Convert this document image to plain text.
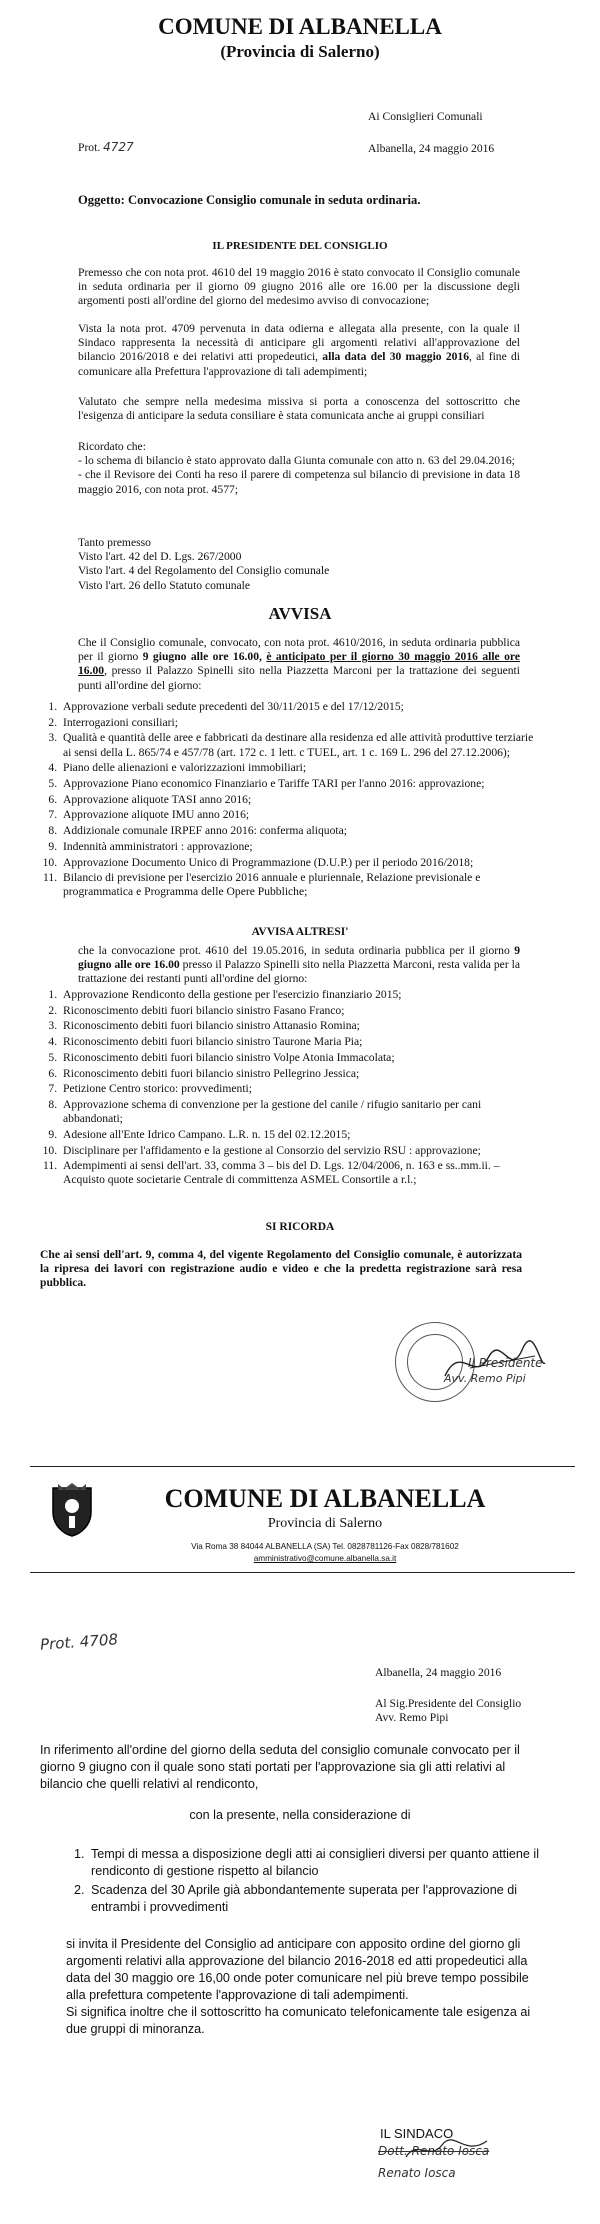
COMUNE DI ALBANELLA
(Provincia di Salerno)
Ai Consiglieri Comunali
Prot. 4727	Albanella, 24 maggio 2016
Oggetto: Convocazione Consiglio comunale in seduta ordinaria.
IL PRESIDENTE DEL CONSIGLIO
Premesso che con nota prot. 4610 del 19 maggio 2016 è stato convocato il Consiglio comunale in seduta ordinaria per il giorno 09 giugno 2016 alle ore 16.00 per la discussione degli argomenti posti all'ordine del giorno del medesimo avviso di convocazione;
Vista la nota prot. 4709 pervenuta in data odierna e allegata alla presente, con la quale il Sindaco rappresenta la necessità di anticipare gli argomenti relativi all'approvazione del bilancio 2016/2018 e dei relativi atti propedeutici, alla data del 30 maggio 2016, al fine di comunicare alla Prefettura l'approvazione di tali adempimenti;
Valutato che sempre nella medesima missiva si porta a conoscenza del sottoscritto che l'esigenza di anticipare la seduta consiliare è stata comunicata anche ai gruppi consiliari
Ricordato che:
- lo schema di bilancio è stato approvato dalla Giunta comunale con atto n. 63 del 29.04.2016;
- che il Revisore dei Conti ha reso il parere di competenza sul bilancio di previsione in data 18 maggio 2016, con nota prot. 4577;
Tanto premesso
Visto l'art. 42 del D. Lgs. 267/2000
Visto l'art. 4 del Regolamento del Consiglio comunale
Visto l'art. 26 dello Statuto comunale
AVVISA
Che il Consiglio comunale, convocato, con nota prot. 4610/2016, in seduta ordinaria pubblica per il giorno 9 giugno alle ore 16.00, è anticipato per il giorno 30 maggio 2016 alle ore 16.00, presso il Palazzo Spinelli sito nella Piazzetta Marconi per la trattazione dei seguenti punti all'ordine del giorno:
1. Approvazione verbali sedute precedenti del 30/11/2015 e del 17/12/2015;
2. Interrogazioni consiliari;
3. Qualità e quantità delle aree e fabbricati da destinare alla residenza ed alle attività produttive terziarie ai sensi della L. 865/74 e 457/78 (art. 172 c. 1 lett. c TUEL, art. 1 c. 169 L. 296 del 27.12.2006);
4. Piano delle alienazioni e valorizzazioni immobiliari;
5. Approvazione Piano economico Finanziario e Tariffe TARI per l'anno 2016: approvazione;
6. Approvazione aliquote TASI anno 2016;
7. Approvazione aliquote IMU anno 2016;
8. Addizionale comunale IRPEF anno 2016: conferma aliquota;
9. Indennità amministratori : approvazione;
10. Approvazione Documento Unico di Programmazione (D.U.P.) per il periodo 2016/2018;
11. Bilancio di previsione per l'esercizio 2016 annuale e pluriennale, Relazione previsionale e programmatica e Programma delle Opere Pubbliche;
AVVISA ALTRESI'
che la convocazione prot. 4610 del 19.05.2016, in seduta ordinaria pubblica per il giorno 9 giugno alle ore 16.00 presso il Palazzo Spinelli sito nella Piazzetta Marconi, resta valida per la trattazione dei restanti punti all'ordine del giorno:
1. Approvazione Rendiconto della gestione per l'esercizio finanziario 2015;
2. Riconoscimento debiti fuori bilancio sinistro Fasano Franco;
3. Riconoscimento debiti fuori bilancio sinistro Attanasio Romina;
4. Riconoscimento debiti fuori bilancio sinistro Taurone Maria Pia;
5. Riconoscimento debiti fuori bilancio sinistro Volpe Atonia Immacolata;
6. Riconoscimento debiti fuori bilancio sinistro Pellegrino Jessica;
7. Petizione Centro storico: provvedimenti;
8. Approvazione schema di convenzione per la gestione del canile / rifugio sanitario per cani abbandonati;
9. Adesione all'Ente Idrico Campano. L.R. n. 15 del 02.12.2015;
10. Disciplinare per l'affidamento e la gestione al Consorzio del servizio RSU : approvazione;
11. Adempimenti ai sensi dell'art. 33, comma 3 – bis del D. Lgs. 12/04/2006, n. 163 e ss..mm.ii. – Acquisto quote societarie Centrale di committenza ASMEL Consortile a r.l.;
SI RICORDA
Che ai sensi dell'art. 9, comma 4, del vigente Regolamento del Consiglio comunale, è autorizzata la ripresa dei lavori con registrazione audio e video e che la predetta registrazione sarà resa pubblica.
Il Presidente
Avv. Remo Pipi
COMUNE DI ALBANELLA
Provincia di Salerno
Via Roma 38 84044 ALBANELLA (SA) Tel. 0828781126-Fax 0828/781602
amministrativo@comune.albanella.sa.it
Prot. 4708
Albanella, 24 maggio 2016
Al Sig.Presidente del Consiglio
Avv. Remo Pipi
In riferimento all'ordine del giorno della seduta del consiglio comunale convocato per il giorno 9 giugno con il quale sono stati portati per l'approvazione sia gli atti relativi al bilancio che quelli relativi al rendiconto,
con la presente, nella considerazione di
1. Tempi di messa a disposizione degli atti ai consiglieri diversi per quanto attiene il rendiconto di gestione rispetto al bilancio
2. Scadenza del 30 Aprile già abbondantemente superata per l'approvazione di entrambi i provvedimenti
si invita il Presidente del Consiglio ad anticipare con apposito ordine del giorno gli argomenti relativi alla approvazione del bilancio 2016-2018 ed atti propedeutici alla data del 30 maggio ore 16,00 onde poter comunicare nel più breve tempo possibile alla prefettura competente l'approvazione di tali adempimenti.
Si significa inoltre che il sottoscritto ha comunicato telefonicamente tale esigenza ai due gruppi di minoranza.
IL SINDACO
Dott. Renato Iosca
Renato Iosca
